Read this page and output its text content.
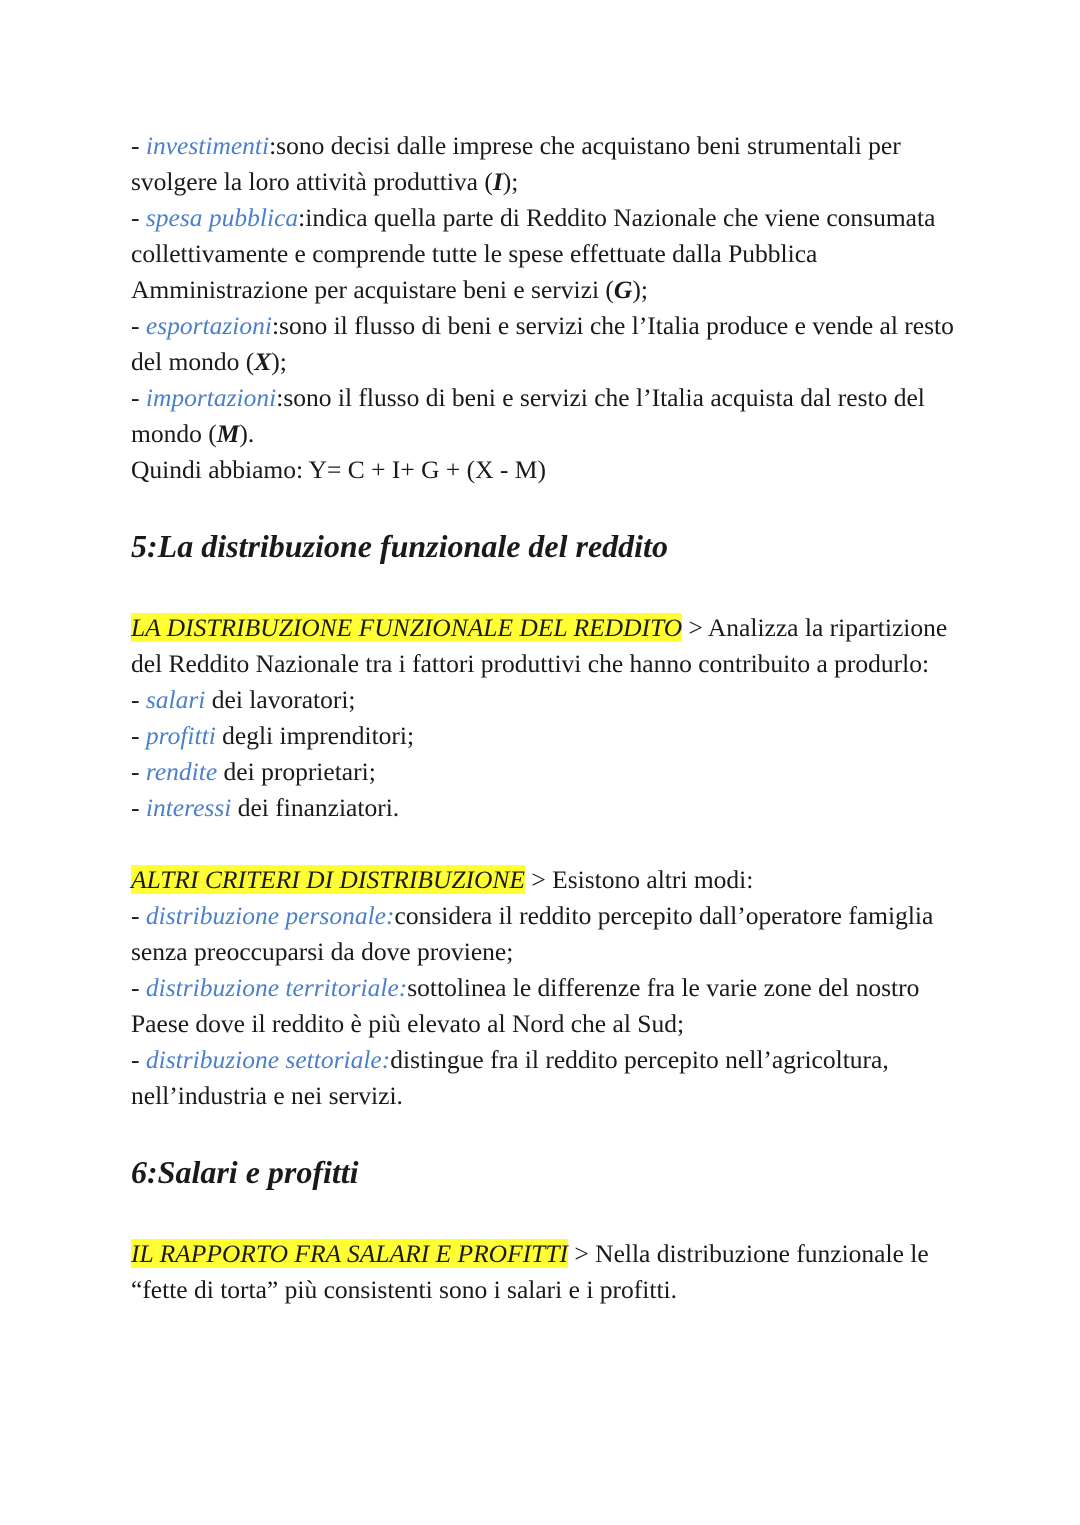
- investimenti:sono decisi dalle imprese che acquistano beni strumentali per svolgere la loro attività produttiva (I);

- spesa pubblica:indica quella parte di Reddito Nazionale che viene consumata collettivamente e comprende tutte le spese effettuate dalla Pubblica Amministrazione per acquistare beni e servizi (G);

- esportazioni:sono il flusso di beni e servizi che l’Italia produce e vende al resto del mondo (X);

- importazioni:sono il flusso di beni e servizi che l’Italia acquista dal resto del mondo (M).

Quindi abbiamo: Y= C + I+ G + (X - M)

5:La distribuzione funzionale del reddito

LA DISTRIBUZIONE FUNZIONALE DEL REDDITO > Analizza la ripartizione del Reddito Nazionale tra i fattori produttivi che hanno contribuito a produrlo:

- salari dei lavoratori;

- profitti degli imprenditori;

- rendite dei proprietari;

- interessi dei finanziatori.

ALTRI CRITERI DI DISTRIBUZIONE > Esistono altri modi:

- distribuzione personale:considera il reddito percepito dall’operatore famiglia senza preoccuparsi da dove proviene;

- distribuzione territoriale:sottolinea le differenze fra le varie zone del nostro Paese dove il reddito è più elevato al Nord che al Sud;

- distribuzione settoriale:distingue fra il reddito percepito nell’agricoltura, nell’industria e nei servizi.

6:Salari e profitti

IL RAPPORTO FRA SALARI E PROFITTI > Nella distribuzione funzionale le “fette di torta” più consistenti sono i salari e i profitti.
